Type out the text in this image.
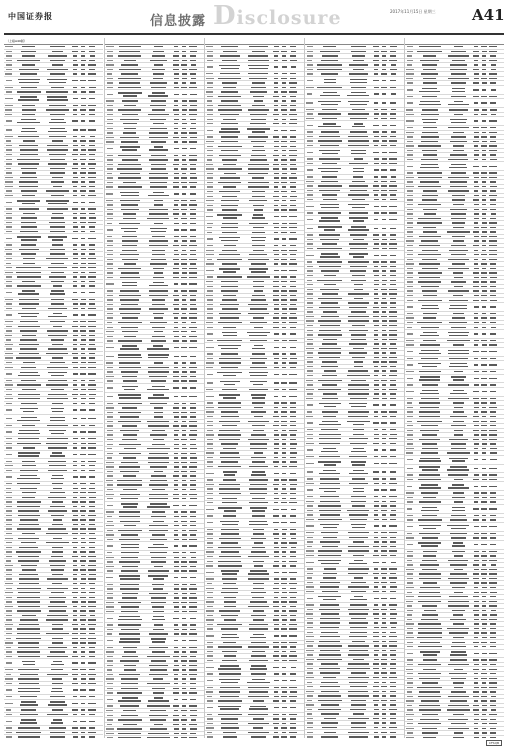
中国证券报	信息披露 Disclosure	2017年11月15日 星期三 A41
（上接A40版）
CFSQB
